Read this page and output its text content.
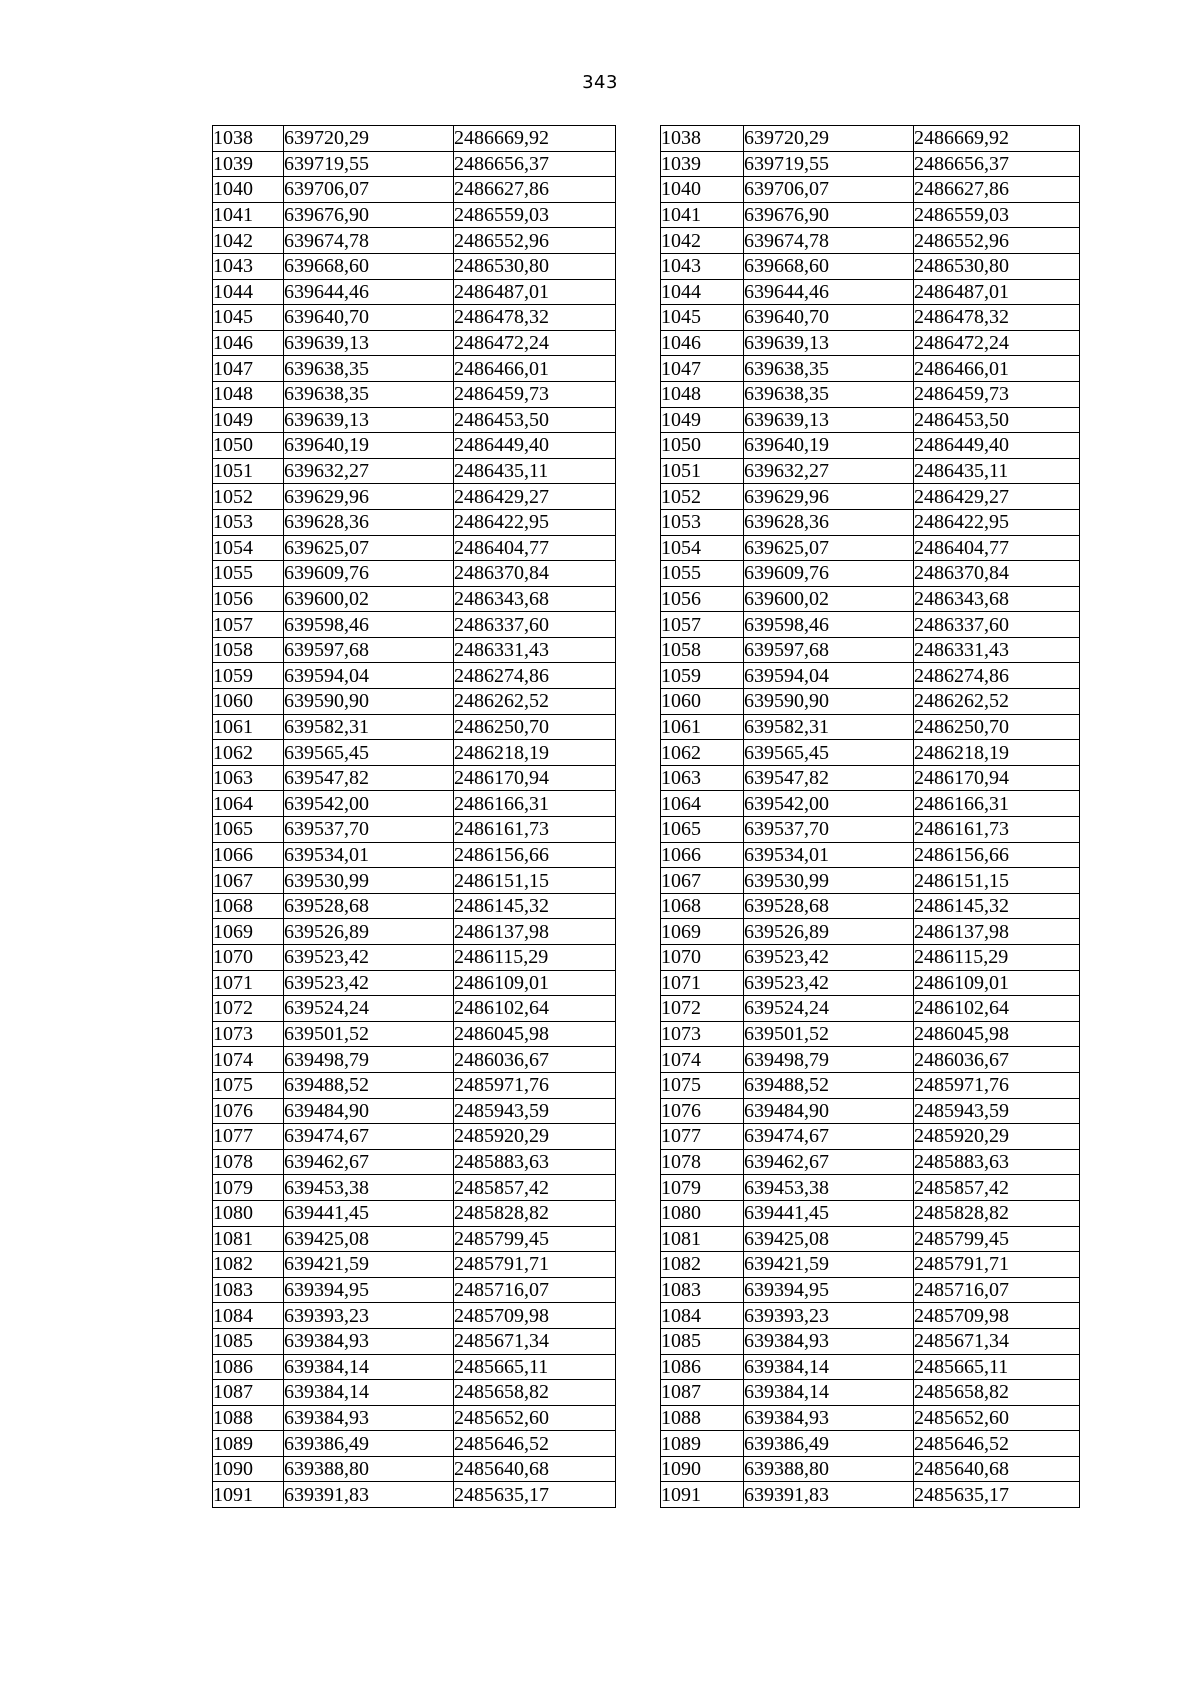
343
1038	639720,29	2486669,92		1038	639720,29	2486669,92
1039	639719,55	2486656,37		1039	639719,55	2486656,37
1040	639706,07	2486627,86		1040	639706,07	2486627,86
1041	639676,90	2486559,03		1041	639676,90	2486559,03
1042	639674,78	2486552,96		1042	639674,78	2486552,96
1043	639668,60	2486530,80		1043	639668,60	2486530,80
1044	639644,46	2486487,01		1044	639644,46	2486487,01
1045	639640,70	2486478,32		1045	639640,70	2486478,32
1046	639639,13	2486472,24		1046	639639,13	2486472,24
1047	639638,35	2486466,01		1047	639638,35	2486466,01
1048	639638,35	2486459,73		1048	639638,35	2486459,73
1049	639639,13	2486453,50		1049	639639,13	2486453,50
1050	639640,19	2486449,40		1050	639640,19	2486449,40
1051	639632,27	2486435,11		1051	639632,27	2486435,11
1052	639629,96	2486429,27		1052	639629,96	2486429,27
1053	639628,36	2486422,95		1053	639628,36	2486422,95
1054	639625,07	2486404,77		1054	639625,07	2486404,77
1055	639609,76	2486370,84		1055	639609,76	2486370,84
1056	639600,02	2486343,68		1056	639600,02	2486343,68
1057	639598,46	2486337,60		1057	639598,46	2486337,60
1058	639597,68	2486331,43		1058	639597,68	2486331,43
1059	639594,04	2486274,86		1059	639594,04	2486274,86
1060	639590,90	2486262,52		1060	639590,90	2486262,52
1061	639582,31	2486250,70		1061	639582,31	2486250,70
1062	639565,45	2486218,19		1062	639565,45	2486218,19
1063	639547,82	2486170,94		1063	639547,82	2486170,94
1064	639542,00	2486166,31		1064	639542,00	2486166,31
1065	639537,70	2486161,73		1065	639537,70	2486161,73
1066	639534,01	2486156,66		1066	639534,01	2486156,66
1067	639530,99	2486151,15		1067	639530,99	2486151,15
1068	639528,68	2486145,32		1068	639528,68	2486145,32
1069	639526,89	2486137,98		1069	639526,89	2486137,98
1070	639523,42	2486115,29		1070	639523,42	2486115,29
1071	639523,42	2486109,01		1071	639523,42	2486109,01
1072	639524,24	2486102,64		1072	639524,24	2486102,64
1073	639501,52	2486045,98		1073	639501,52	2486045,98
1074	639498,79	2486036,67		1074	639498,79	2486036,67
1075	639488,52	2485971,76		1075	639488,52	2485971,76
1076	639484,90	2485943,59		1076	639484,90	2485943,59
1077	639474,67	2485920,29		1077	639474,67	2485920,29
1078	639462,67	2485883,63		1078	639462,67	2485883,63
1079	639453,38	2485857,42		1079	639453,38	2485857,42
1080	639441,45	2485828,82		1080	639441,45	2485828,82
1081	639425,08	2485799,45		1081	639425,08	2485799,45
1082	639421,59	2485791,71		1082	639421,59	2485791,71
1083	639394,95	2485716,07		1083	639394,95	2485716,07
1084	639393,23	2485709,98		1084	639393,23	2485709,98
1085	639384,93	2485671,34		1085	639384,93	2485671,34
1086	639384,14	2485665,11		1086	639384,14	2485665,11
1087	639384,14	2485658,82		1087	639384,14	2485658,82
1088	639384,93	2485652,60		1088	639384,93	2485652,60
1089	639386,49	2485646,52		1089	639386,49	2485646,52
1090	639388,80	2485640,68		1090	639388,80	2485640,68
1091	639391,83	2485635,17		1091	639391,83	2485635,17
